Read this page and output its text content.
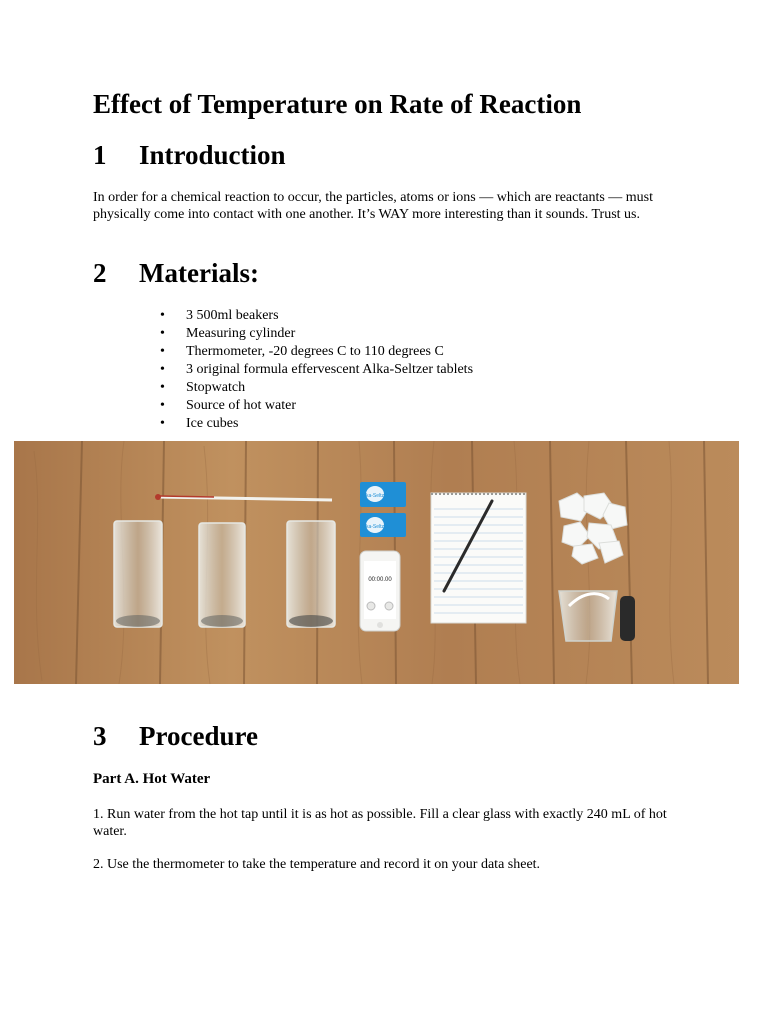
Effect of Temperature on Rate of Reaction
1 Introduction

In order for a chemical reaction to occur, the particles, atoms or ions — which are reactants — must physically come into contact with one another. It’s WAY more interesting than it sounds. Trust us.

2 Materials:
• 3 500ml beakers
• Measuring cylinder
• Thermometer, -20 degrees C to 110 degrees C
• 3 original formula effervescent Alka-Seltzer tablets
• Stopwatch
• Source of hot water
• Ice cubes
Alka-Seltzer
Alka-Seltzer
00:00.00
3 Procedure

Part A. Hot Water

1. Run water from the hot tap until it is as hot as possible. Fill a clear glass with exactly 240 mL of hot water.

2. Use the thermometer to take the temperature and record it on your data sheet.
